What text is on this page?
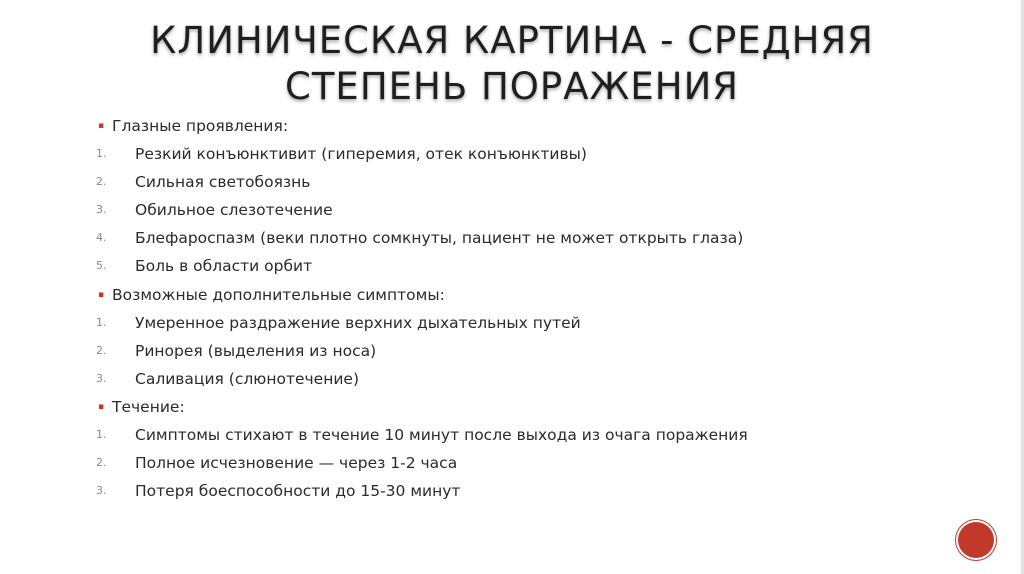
КЛИНИЧЕСКАЯ КАРТИНА - СРЕДНЯЯ СТЕПЕНЬ ПОРАЖЕНИЯ
▪ Глазные проявления:
1. Резкий конъюнктивит (гиперемия, отек конъюнктивы)
2. Сильная светобоязнь
3. Обильное слезотечение
4. Блефароспазм (веки плотно сомкнуты, пациент не может открыть глаза)
5. Боль в области орбит
▪ Возможные дополнительные симптомы:
1. Умеренное раздражение верхних дыхательных путей
2. Ринорея (выделения из носа)
3. Саливация (слюнотечение)
▪ Течение:
1. Симптомы стихают в течение 10 минут после выхода из очага поражения
2. Полное исчезновение — через 1-2 часа
3. Потеря боеспособности до 15-30 минут
